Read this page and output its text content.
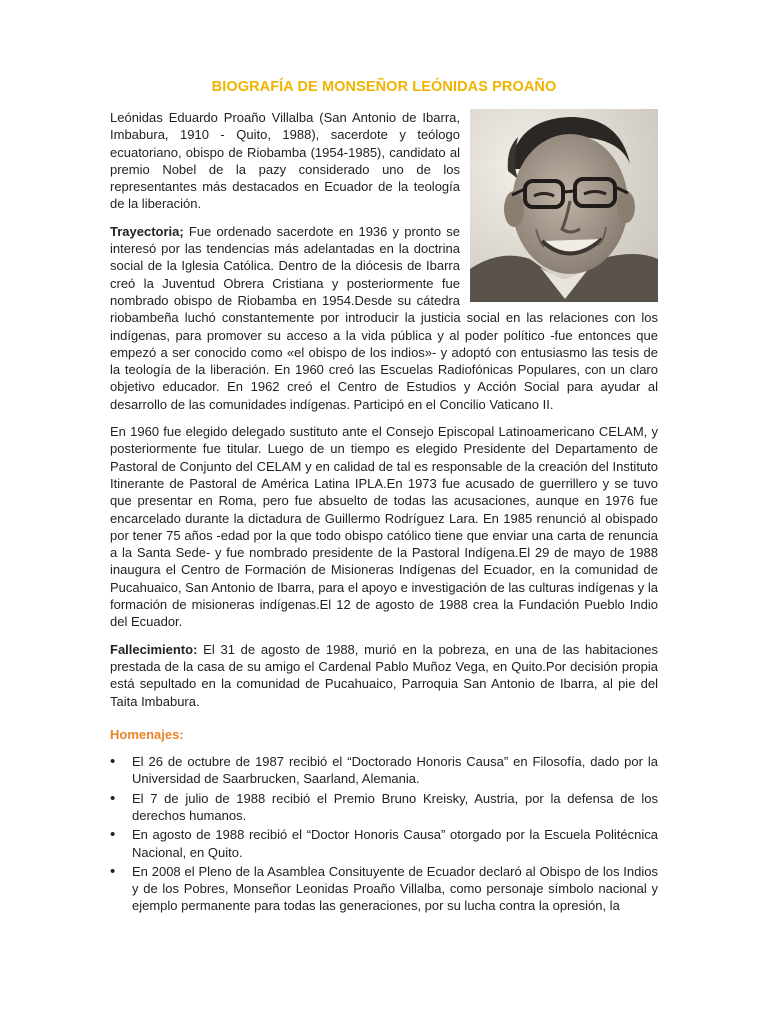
BIOGRAFÍA DE MONSEÑOR LEÓNIDAS PROAÑO

Leónidas Eduardo Proaño Villalba (San Antonio de Ibarra, Imbabura, 1910 - Quito, 1988), sacerdote y teólogo ecuatoriano, obispo de Riobamba (1954-1985), candidato al premio Nobel de la pazy considerado uno de los representantes más destacados en Ecuador de la teología de la liberación.

Trayectoria; Fue ordenado sacerdote en 1936 y pronto se interesó por las tendencias más adelantadas en la doctrina social de la Iglesia Católica. Dentro de la diócesis de Ibarra creó la Juventud Obrera Cristiana y posteriormente fue nombrado obispo de Riobamba en 1954.Desde su cátedra riobambeña luchó constantemente por introducir la justicia social en las relaciones con los indígenas, para promover su acceso a la vida pública y al poder político -fue entonces que empezó a ser conocido como «el obispo de los indios»- y adoptó con entusiasmo las tesis de la teología de la liberación. En 1960 creó las Escuelas Radiofónicas Populares, con un claro objetivo educador. En 1962 creó el Centro de Estudios y Acción Social para ayudar al desarrollo de las comunidades indígenas. Participó en el Concilio Vaticano II.

En 1960 fue elegido delegado sustituto ante el Consejo Episcopal Latinoamericano CELAM, y posteriormente fue titular. Luego de un tiempo es elegido Presidente del Departamento de Pastoral de Conjunto del CELAM y en calidad de tal es responsable de la creación del Instituto Itinerante de Pastoral de América Latina IPLA.En 1973 fue acusado de guerrillero y se tuvo que presentar en Roma, pero fue absuelto de todas las acusaciones, aunque en 1976 fue encarcelado durante la dictadura de Guillermo Rodríguez Lara. En 1985 renunció al obispado por tener 75 años -edad por la que todo obispo católico tiene que enviar una carta de renuncia a la Santa Sede- y fue nombrado presidente de la Pastoral Indígena.El 29 de mayo de 1988 inaugura el Centro de Formación de Misioneras Indígenas del Ecuador, en la comunidad de Pucahuaico, San Antonio de Ibarra, para el apoyo e investigación de las culturas indígenas y la formación de misioneras indígenas.El 12 de agosto de 1988 crea la Fundación Pueblo Indio del Ecuador.

Fallecimiento: El 31 de agosto de 1988, murió en la pobreza, en una de las habitaciones prestada de la casa de su amigo el Cardenal Pablo Muñoz Vega, en Quito.Por decisión propia está sepultado en la comunidad de Pucahuaico, Parroquia San Antonio de Ibarra, al pie del Taita Imbabura.

Homenajes:
• El 26 de octubre de 1987 recibió el “Doctorado Honoris Causa” en Filosofía, dado por la Universidad de Saarbrucken, Saarland, Alemania.
• El 7 de julio de 1988 recibió el Premio Bruno Kreisky, Austria, por la defensa de los derechos humanos.
• En agosto de 1988 recibió el “Doctor Honoris Causa” otorgado por la Escuela Politécnica Nacional, en Quito.
• En 2008 el Pleno de la Asamblea Consituyente de Ecuador declaró al Obispo de los Indios y de los Pobres, Monseñor Leonidas Proaño Villalba, como personaje símbolo nacional y ejemplo permanente para todas las generaciones, por su lucha contra la opresión, la
